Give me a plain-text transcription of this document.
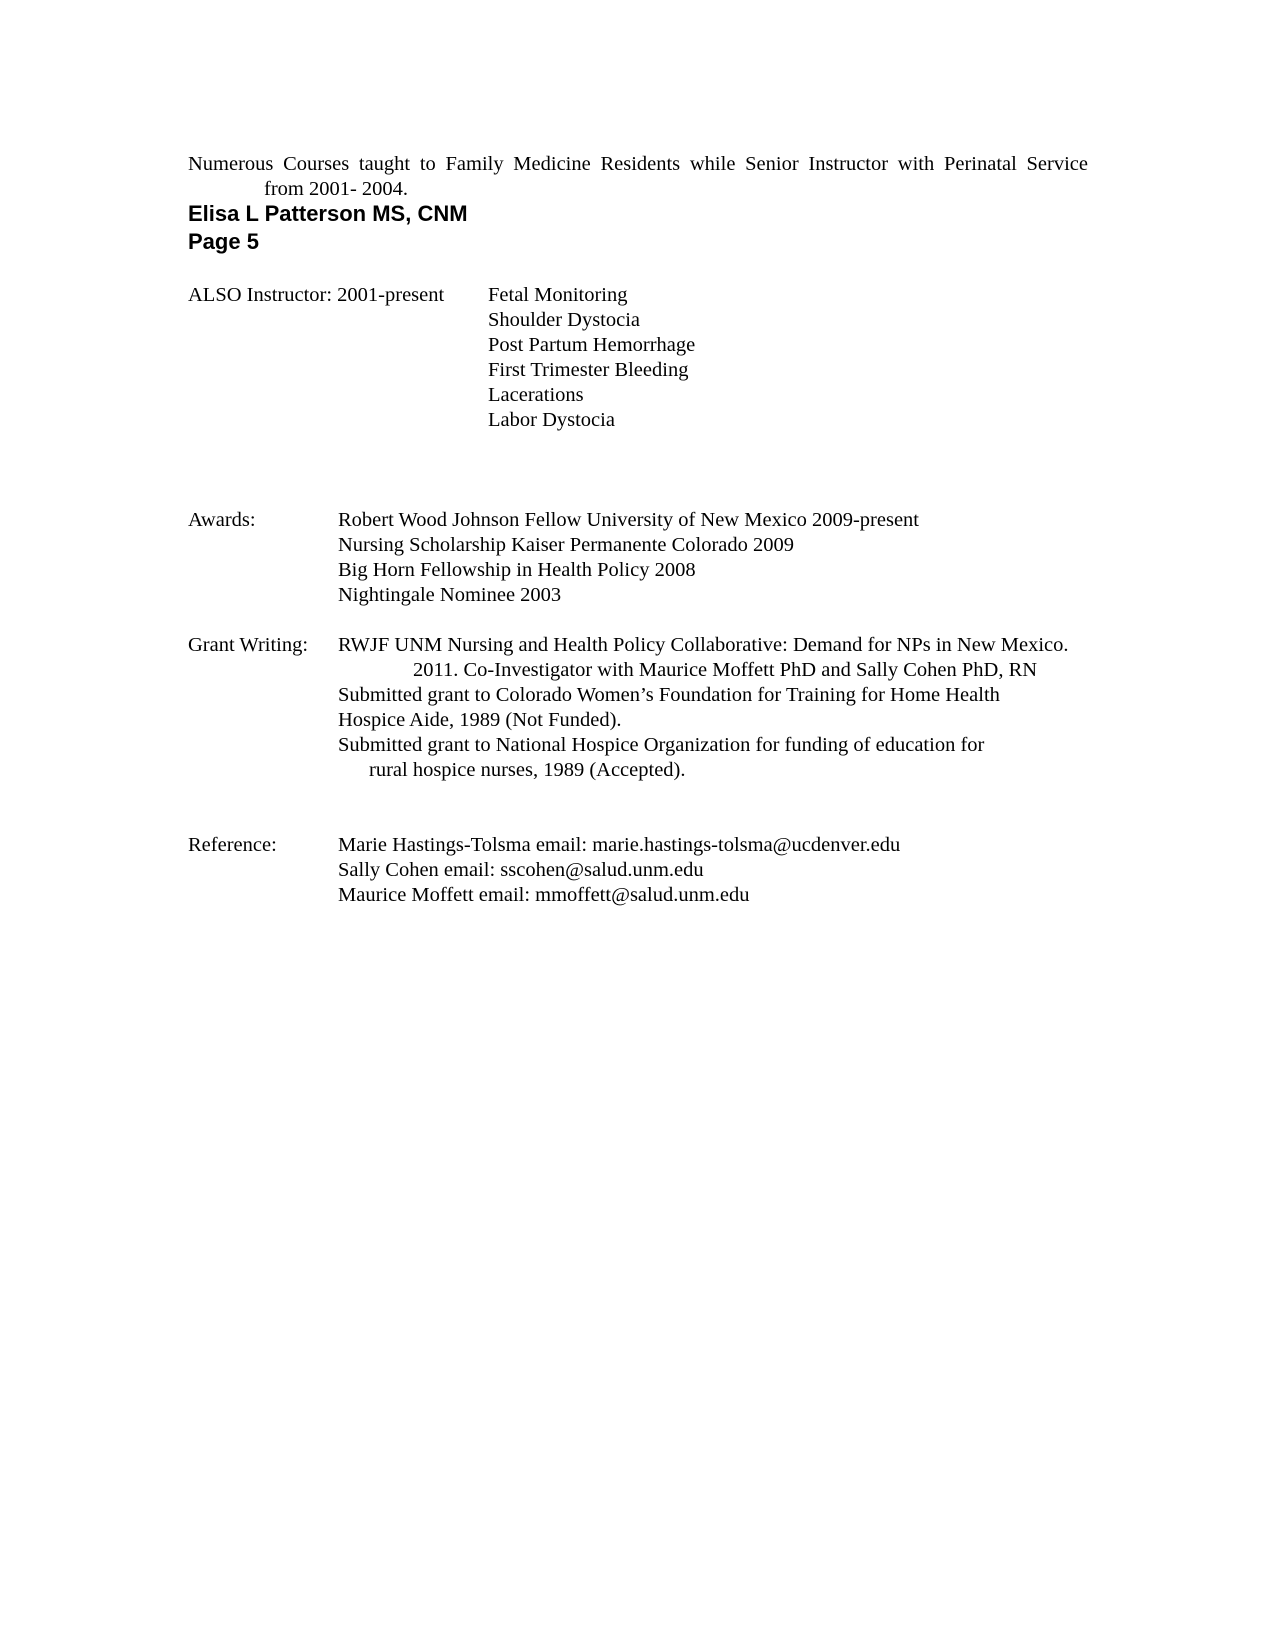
Numerous Courses taught to Family Medicine Residents while Senior Instructor with Perinatal Service
from 2001- 2004.
Elisa L Patterson MS, CNM
Page 5
ALSO Instructor: 2001-present Fetal Monitoring
Shoulder Dystocia
Post Partum Hemorrhage
First Trimester Bleeding
Lacerations
Labor Dystocia
Awards:	Robert Wood Johnson Fellow University of New Mexico 2009-present
Nursing Scholarship Kaiser Permanente Colorado 2009
Big Horn Fellowship in Health Policy 2008
Nightingale Nominee 2003
Grant Writing: RWJF UNM Nursing and Health Policy Collaborative: Demand for NPs in New Mexico.
2011. Co-Investigator with Maurice Moffett PhD and Sally Cohen PhD, RN
Submitted grant to Colorado Women’s Foundation for Training for Home Health
Hospice Aide, 1989 (Not Funded).
Submitted grant to National Hospice Organization for funding of education for
rural hospice nurses, 1989 (Accepted).
Reference:	Marie Hastings-Tolsma email: marie.hastings-tolsma@ucdenver.edu
Sally Cohen email: sscohen@salud.unm.edu
Maurice Moffett email: mmoffett@salud.unm.edu
